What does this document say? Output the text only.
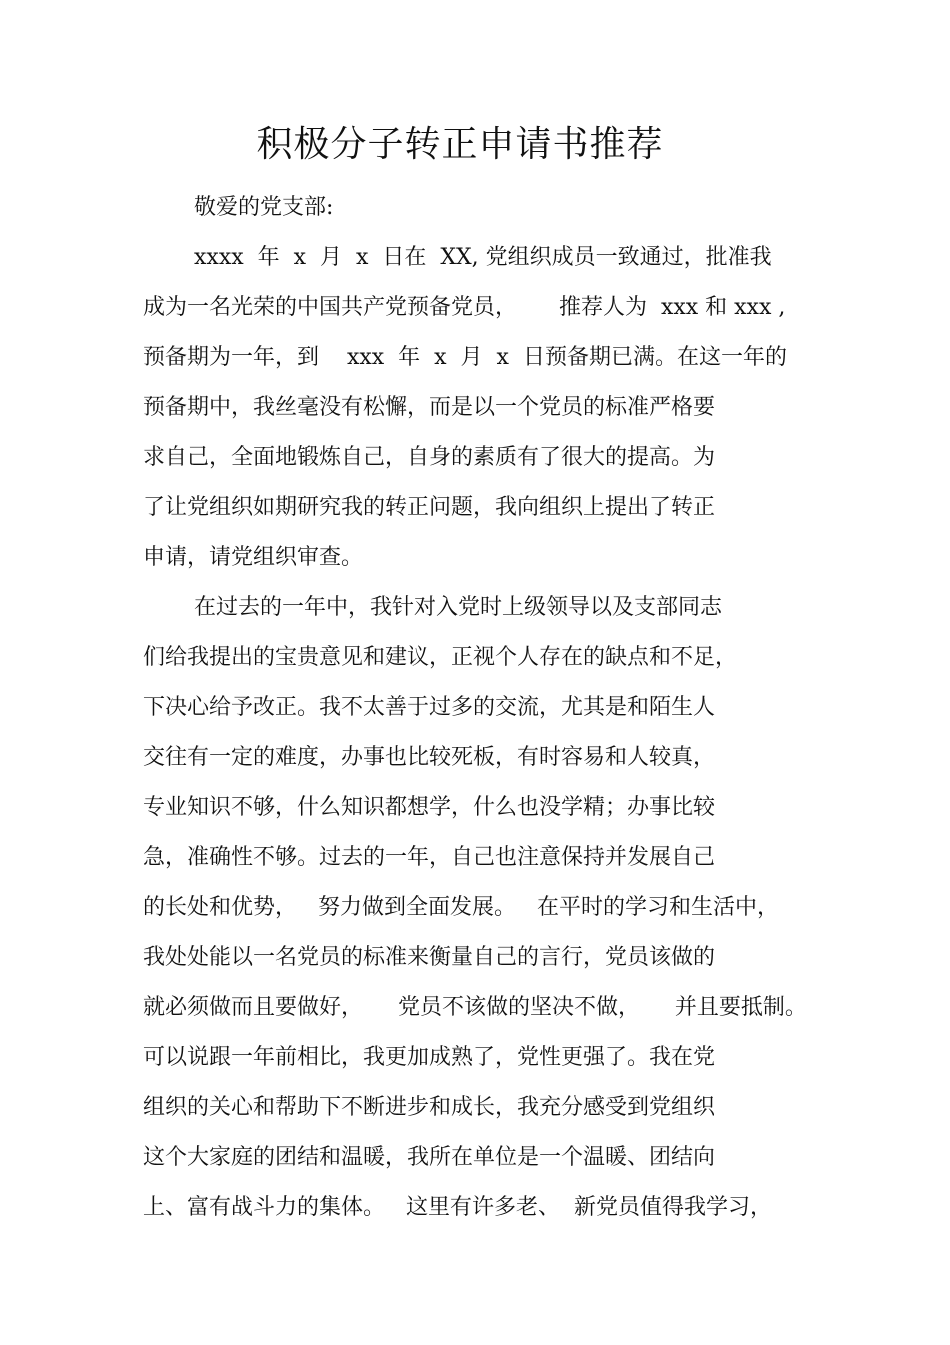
积极分子转正申请书推荐
敬爱的党支部:
xxxx  年  x  月  x  日在  XX, 党组织成员一致通过，批准我
成为一名光荣的中国共产党预备党员，      推荐人为  xxx 和 xxx ,
预备期为一年，到    xxx  年  x  月  x  日预备期已满。在这一年的
预备期中，我丝毫没有松懈，而是以一个党员的标准严格要
求自己，全面地锻炼自己，自身的素质有了很大的提高。为
了让党组织如期研究我的转正问题，我向组织上提出了转正
申请，请党组织审查。
在过去的一年中，我针对入党时上级领导以及支部同志
们给我提出的宝贵意见和建议，正视个人存在的缺点和不足，
下决心给予改正。我不太善于过多的交流，尤其是和陌生人
交往有一定的难度，办事也比较死板，有时容易和人较真，
专业知识不够，什么知识都想学，什么也没学精；办事比较
急，准确性不够。过去的一年，自己也注意保持并发展自己
的长处和优势，   努力做到全面发展。   在平时的学习和生活中，
我处处能以一名党员的标准来衡量自己的言行，党员该做的
就必须做而且要做好，     党员不该做的坚决不做，     并且要抵制。
可以说跟一年前相比，我更加成熟了，党性更强了。我在党
组织的关心和帮助下不断进步和成长，我充分感受到党组织
这个大家庭的团结和温暖，我所在单位是一个温暖、团结向
上、富有战斗力的集体。   这里有许多老、  新党员值得我学习，
